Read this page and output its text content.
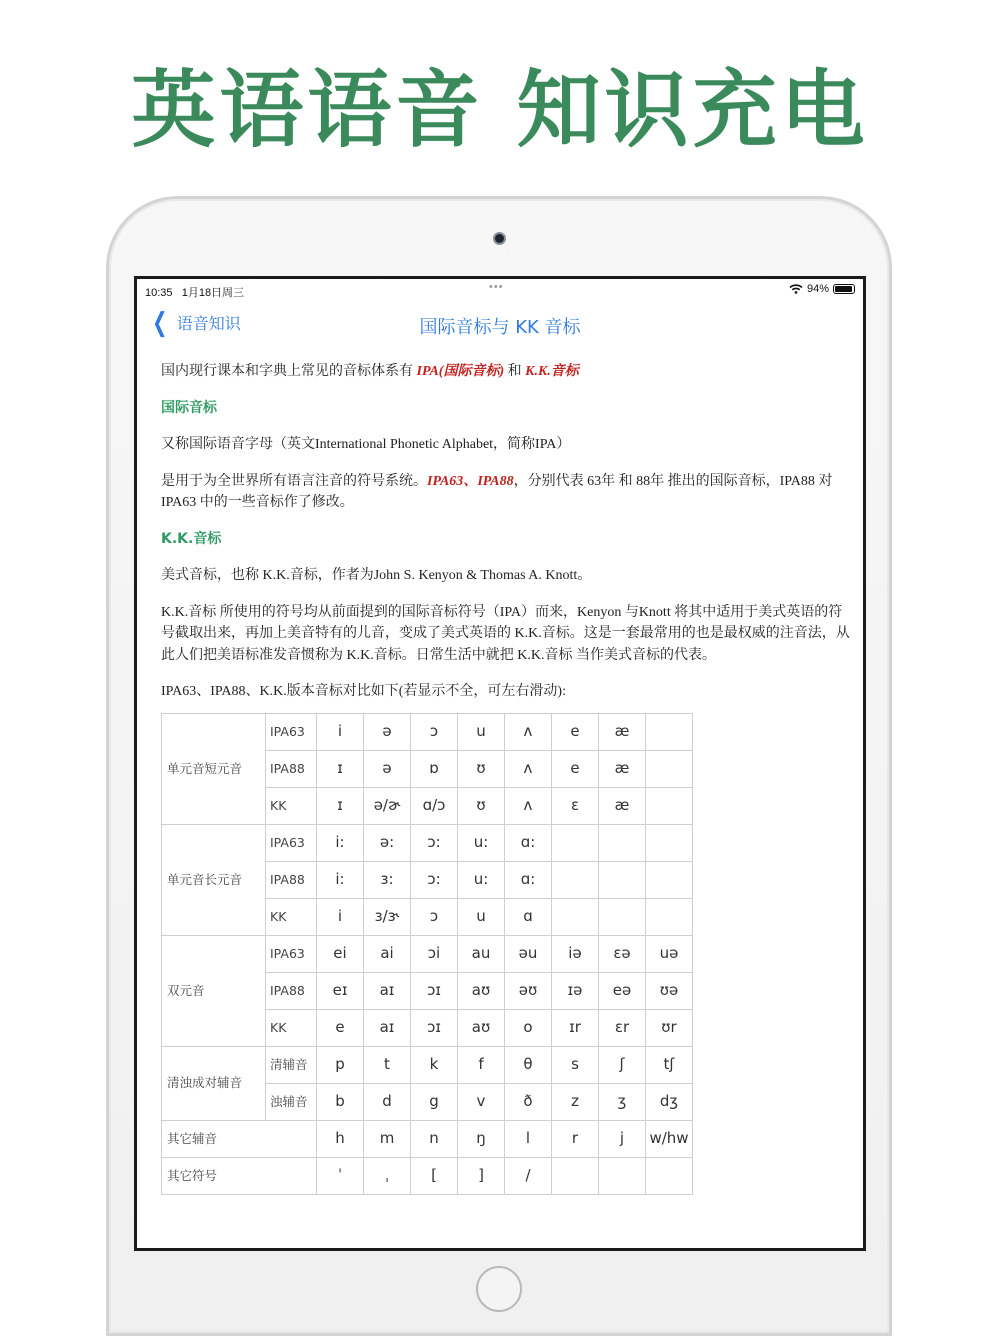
英语语音 知识充电
10:35 1月18日周三	•••	94%
❮ 语音知识	国际音标与 KK 音标

国内现行课本和字典上常见的音标体系有 IPA(国际音标) 和 K.K.音标

国际音标

又称国际语音字母（英文International Phonetic Alphabet，简称IPA）

是用于为全世界所有语言注音的符号系统。IPA63、IPA88，分别代表 63年 和 88年 推出的国际音标，IPA88 对 IPA63 中的一些音标作了修改。

K.K.音标

美式音标，也称 K.K.音标，作者为John S. Kenyon & Thomas A. Knott。

K.K.音标 所使用的符号均从前面提到的国际音标符号（IPA）而来，Kenyon 与Knott 将其中适用于美式英语的符号截取出来，再加上美音特有的儿音，变成了美式英语的 K.K.音标。这是一套最常用的也是最权威的注音法，从此人们把美语标准发音惯称为 K.K.音标。日常生活中就把 K.K.音标 当作美式音标的代表。

IPA63、IPA88、K.K.版本音标对比如下(若显示不全，可左右滑动):

单元音短元音	IPA63	i	ə	ɔ	u	ʌ	e	æ	
	IPA88	ɪ	ə	ɒ	ʊ	ʌ	e	æ	
	KK	ɪ	ə/ɚ	ɑ/ɔ	ʊ	ʌ	ɛ	æ	
单元音长元音	IPA63	i:	ə:	ɔ:	u:	ɑ:			
	IPA88	i:	ɜ:	ɔ:	u:	ɑ:			
	KK	i	ɜ/ɝ	ɔ	u	ɑ			
双元音	IPA63	ei	ai	ɔi	au	əu	iə	ɛə	uə
	IPA88	eɪ	aɪ	ɔɪ	aʊ	əʊ	ɪə	eə	ʊə
	KK	e	aɪ	ɔɪ	aʊ	o	ɪr	ɛr	ʊr
清浊成对辅音	清辅音	p	t	k	f	θ	s	ʃ	tʃ
	浊辅音	b	d	g	v	ð	z	ʒ	dʒ
其它辅音		h	m	n	ŋ	l	r	j	w/hw
其它符号		ˈ	ˌ	[	]	/			
